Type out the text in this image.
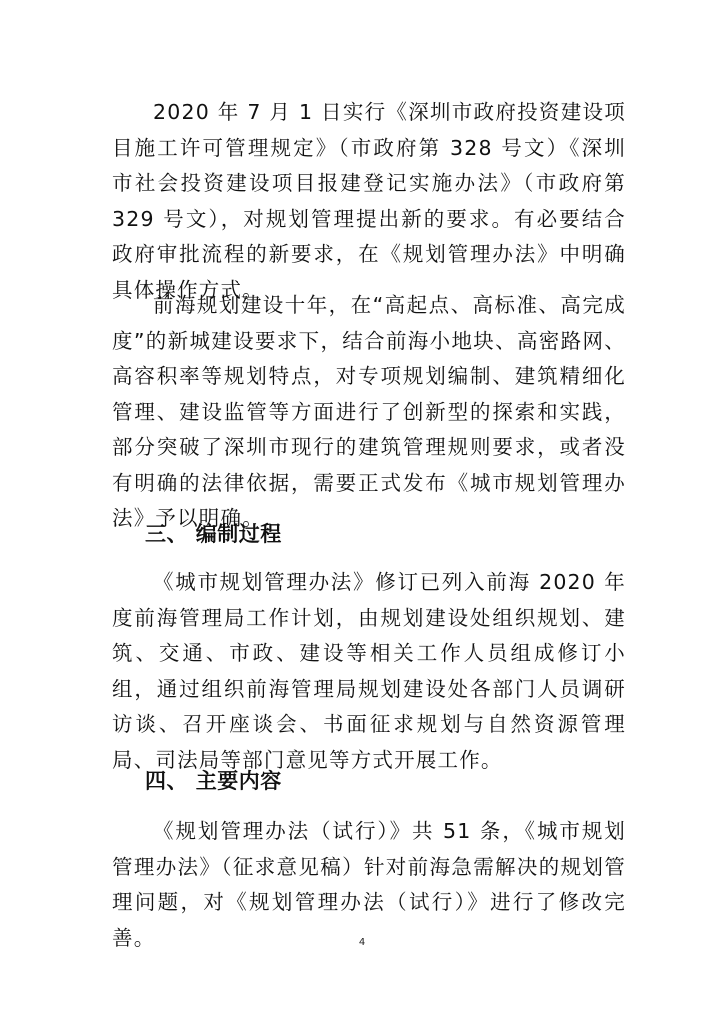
2020 年 7 月 1 日实行《深圳市政府投资建设项目施工许可管理规定》（市政府第 328 号文）《深圳市社会投资建设项目报建登记实施办法》（市政府第 329 号文），对规划管理提出新的要求。有必要结合政府审批流程的新要求，在《规划管理办法》中明确具体操作方式。

前海规划建设十年，在“高起点、高标准、高完成度”的新城建设要求下，结合前海小地块、高密路网、高容积率等规划特点，对专项规划编制、建筑精细化管理、建设监管等方面进行了创新型的探索和实践，部分突破了深圳市现行的建筑管理规则要求，或者没有明确的法律依据，需要正式发布《城市规划管理办法》予以明确。

三、 编制过程

《城市规划管理办法》修订已列入前海 2020 年度前海管理局工作计划，由规划建设处组织规划、建筑、交通、市政、建设等相关工作人员组成修订小组，通过组织前海管理局规划建设处各部门人员调研访谈、召开座谈会、书面征求规划与自然资源管理局、司法局等部门意见等方式开展工作。

四、 主要内容

《规划管理办法（试行）》共 51 条，《城市规划管理办法》（征求意见稿）针对前海急需解决的规划管理问题，对《规划管理办法（试行）》进行了修改完善。	4
